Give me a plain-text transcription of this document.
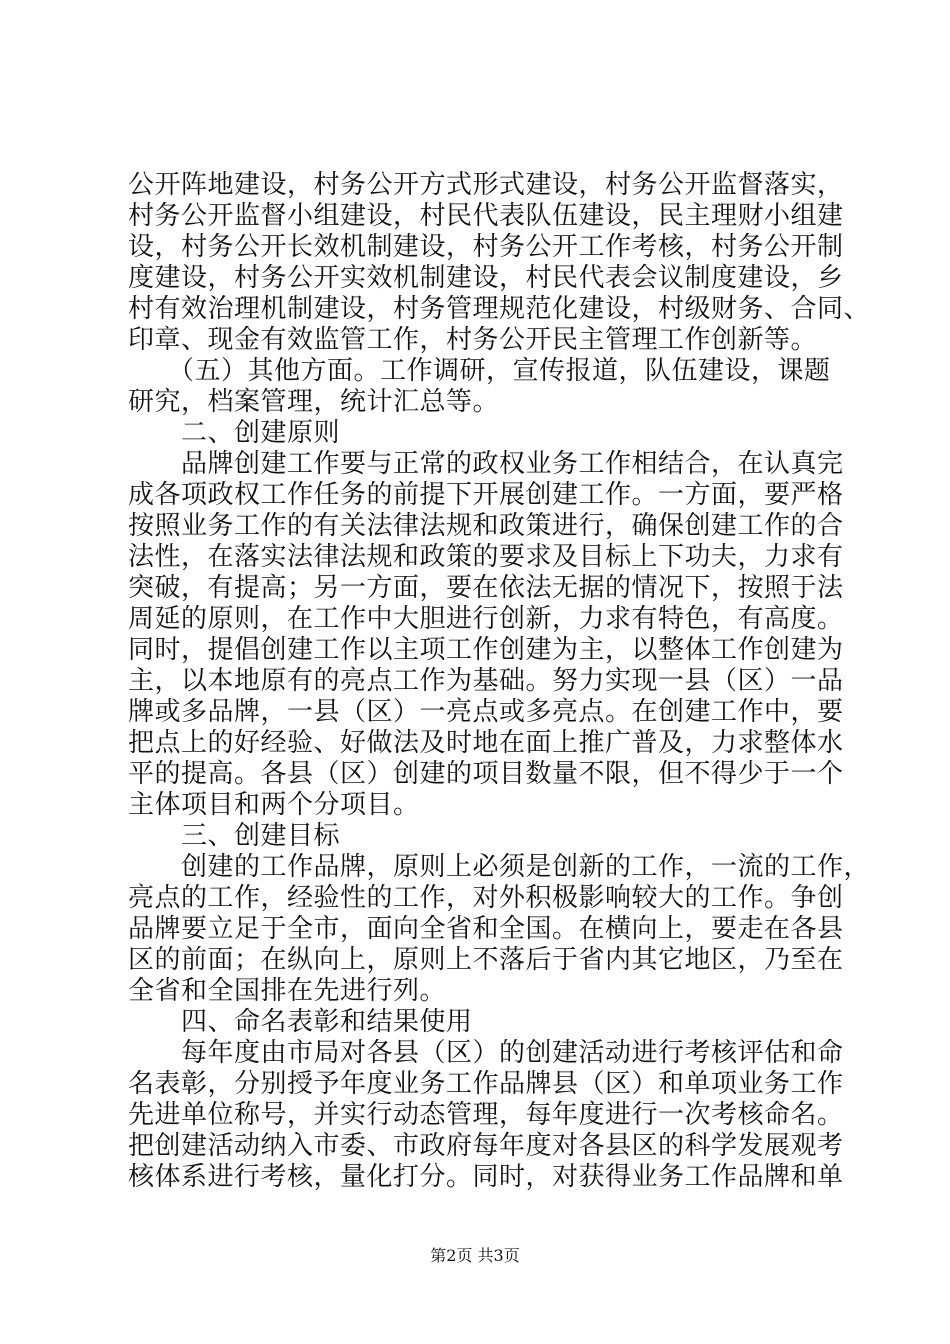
公开阵地建设，村务公开方式形式建设，村务公开监督落实，
村务公开监督小组建设，村民代表队伍建设，民主理财小组建
设，村务公开长效机制建设，村务公开工作考核，村务公开制
度建设，村务公开实效机制建设，村民代表会议制度建设，乡
村有效治理机制建设，村务管理规范化建设，村级财务、合同、
印章、现金有效监管工作，村务公开民主管理工作创新等。
　　（五）其他方面。工作调研，宣传报道，队伍建设，课题
研究，档案管理，统计汇总等。
　　二、创建原则
　　品牌创建工作要与正常的政权业务工作相结合，在认真完
成各项政权工作任务的前提下开展创建工作。一方面，要严格
按照业务工作的有关法律法规和政策进行，确保创建工作的合
法性，在落实法律法规和政策的要求及目标上下功夫，力求有
突破，有提高；另一方面，要在依法无据的情况下，按照于法
周延的原则，在工作中大胆进行创新，力求有特色，有高度。
同时，提倡创建工作以主项工作创建为主，以整体工作创建为
主，以本地原有的亮点工作为基础。努力实现一县（区）一品
牌或多品牌，一县（区）一亮点或多亮点。在创建工作中，要
把点上的好经验、好做法及时地在面上推广普及，力求整体水
平的提高。各县（区）创建的项目数量不限，但不得少于一个
主体项目和两个分项目。
　　三、创建目标
　　创建的工作品牌，原则上必须是创新的工作，一流的工作，
亮点的工作，经验性的工作，对外积极影响较大的工作。争创
品牌要立足于全市，面向全省和全国。在横向上，要走在各县
区的前面；在纵向上，原则上不落后于省内其它地区，乃至在
全省和全国排在先进行列。
　　四、命名表彰和结果使用
　　每年度由市局对各县（区）的创建活动进行考核评估和命
名表彰，分别授予年度业务工作品牌县（区）和单项业务工作
先进单位称号，并实行动态管理，每年度进行一次考核命名。
把创建活动纳入市委、市政府每年度对各县区的科学发展观考
核体系进行考核，量化打分。同时，对获得业务工作品牌和单
第2页 共3页
